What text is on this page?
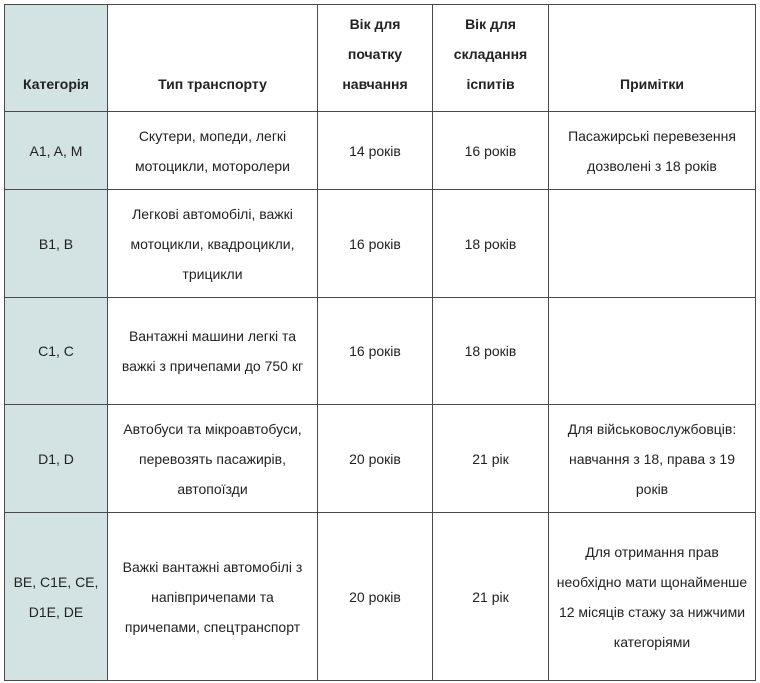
Категорія	Тип транспорту	Вік для початку навчання	Вік для складання іспитів	Примітки
A1, A, M	Скутери, мопеди, легкі мотоцикли, моторолери	14 років	16 років	Пасажирські перевезення дозволені з 18 років
B1, B	Легкові автомобілі, важкі мотоцикли, квадроцикли, трицикли	16 років	18 років	
C1, C	Вантажні машини легкі та важкі з причепами до 750 кг	16 років	18 років	
D1, D	Автобуси та мікроавтобуси, перевозять пасажирів, автопоїзди	20 років	21 рік	Для військовослужбовців: навчання з 18, права з 19 років
BE, C1E, CE, D1E, DE	Важкі вантажні автомобілі з напівпричепами та причепами, спецтранспорт	20 років	21 рік	Для отримання прав необхідно мати щонайменше 12 місяців стажу за нижчими категоріями
